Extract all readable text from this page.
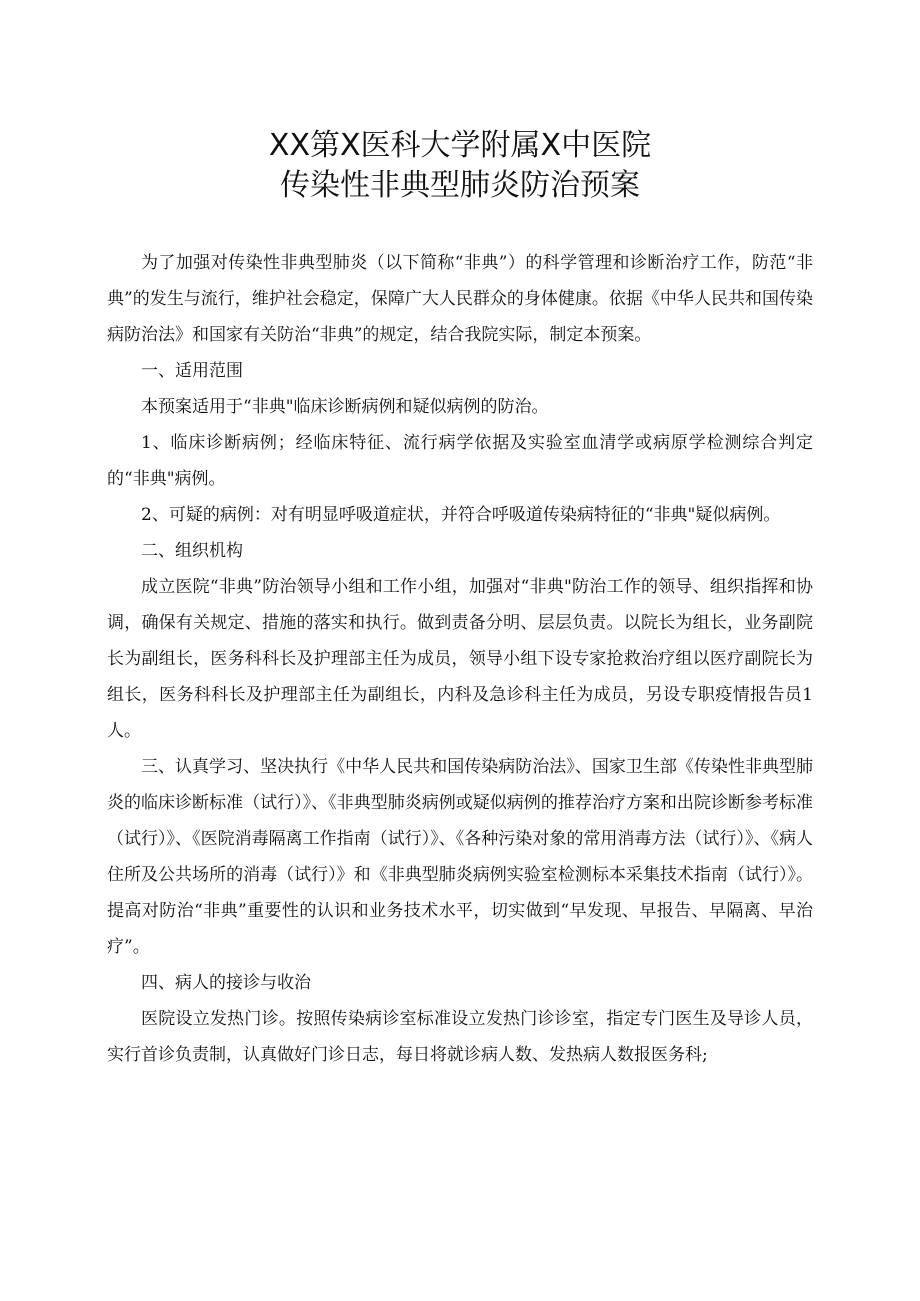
XX第X医科大学附属X中医院
传染性非典型肺炎防治预案

为了加强对传染性非典型肺炎（以下简称“非典”）的科学管理和诊断治疗工作，防范“非典”的发生与流行，维护社会稳定，保障广大人民群众的身体健康。依据《中华人民共和国传染病防治法》和国家有关防治“非典”的规定，结合我院实际，制定本预案。

一、适用范围

本预案适用于“非典"临床诊断病例和疑似病例的防治。

1、临床诊断病例；经临床特征、流行病学依据及实验室血清学或病原学检测综合判定的“非典"病例。

2、可疑的病例：对有明显呼吸道症状，并符合呼吸道传染病特征的“非典"疑似病例。

二、组织机构

成立医院“非典”防治领导小组和工作小组，加强对“非典"防治工作的领导、组织指挥和协调，确保有关规定、措施的落实和执行。做到责备分明、层层负责。以院长为组长，业务副院长为副组长，医务科科长及护理部主任为成员，领导小组下设专家抢救治疗组以医疗副院长为组长，医务科科长及护理部主任为副组长，内科及急诊科主任为成员，另设专职疫情报告员1人。

三、认真学习、坚决执行《中华人民共和国传染病防治法》、国家卫生部《传染性非典型肺炎的临床诊断标准（试行）》、《非典型肺炎病例或疑似病例的推荐治疗方案和出院诊断参考标准（试行）》、《医院消毒隔离工作指南（试行）》、《各种污染对象的常用消毒方法（试行）》、《病人住所及公共场所的消毒（试行）》和《非典型肺炎病例实验室检测标本采集技术指南（试行）》。提高对防治“非典”重要性的认识和业务技术水平，切实做到“早发现、早报告、早隔离、早治疗”。

四、病人的接诊与收治

医院设立发热门诊。按照传染病诊室标准设立发热门诊诊室，指定专门医生及导诊人员，实行首诊负责制，认真做好门诊日志，每日将就诊病人数、发热病人数报医务科;
